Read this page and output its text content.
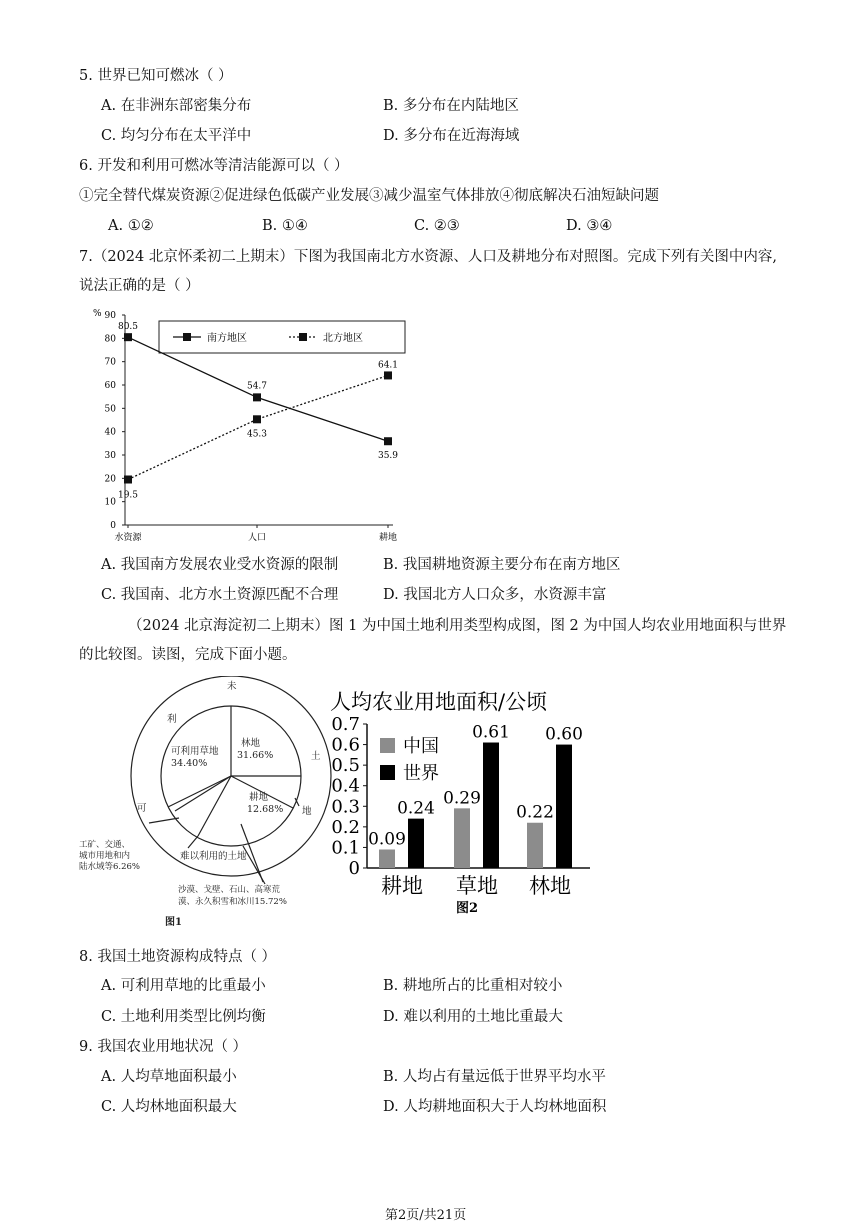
5. 世界已知可燃冰（ ）
A. 在非洲东部密集分布	B. 多分布在内陆地区
C. 均匀分布在太平洋中	D. 多分布在近海海域
6. 开发和利用可燃冰等清洁能源可以（ ）
①完全替代煤炭资源②促进绿色低碳产业发展③减少温室气体排放④彻底解决石油短缺问题
A. ①②	B. ①④	C. ②③	D. ③④
7.（2024 北京怀柔初二上期末）下图为我国南北方水资源、人口及耕地分布对照图。完成下列有关图中内容,
说法正确的是（ ）
%
0
10
20
30
40
50
60
70
80
90
水资源	人口	耕地
80.5
54.7
35.9
南方地区
19.5
45.3
64.1
北方地区
A. 我国南方发展农业受水资源的限制	B. 我国耕地资源主要分布在南方地区
C. 我国南、北方水土资源匹配不合理	D. 我国北方人口众多，水资源丰富
（2024 北京海淀初二上期末）图 1 为中国土地利用类型构成图，图 2 为中国人均农业用地面积与世界
的比较图。读图，完成下面小题。
未
利
可
土
地
可利用草地
34.40%
林地
31.66%
耕地
12.68%
难以利用的土地
工矿、交通、
城市用地和内
陆水域等6.26%
沙漠、戈壁、石山、高寒荒
漠、永久积雪和冰川15.72%
图1
人均农业用地面积/公顷
0
0.1
0.2
0.3
0.4
0.5
0.6
0.7
耕地 草地 林地
0.09
0.29
0.22
中国
0.24
0.61 0.60
世界
图2
8. 我国土地资源构成特点（ ）
A. 可利用草地的比重最小	B. 耕地所占的比重相对较小
C. 土地利用类型比例均衡	D. 难以利用的土地比重最大
9. 我国农业用地状况（ ）
A. 人均草地面积最小	B. 人均占有量远低于世界平均水平
C. 人均林地面积最大	D. 人均耕地面积大于人均林地面积
第2页/共21页
